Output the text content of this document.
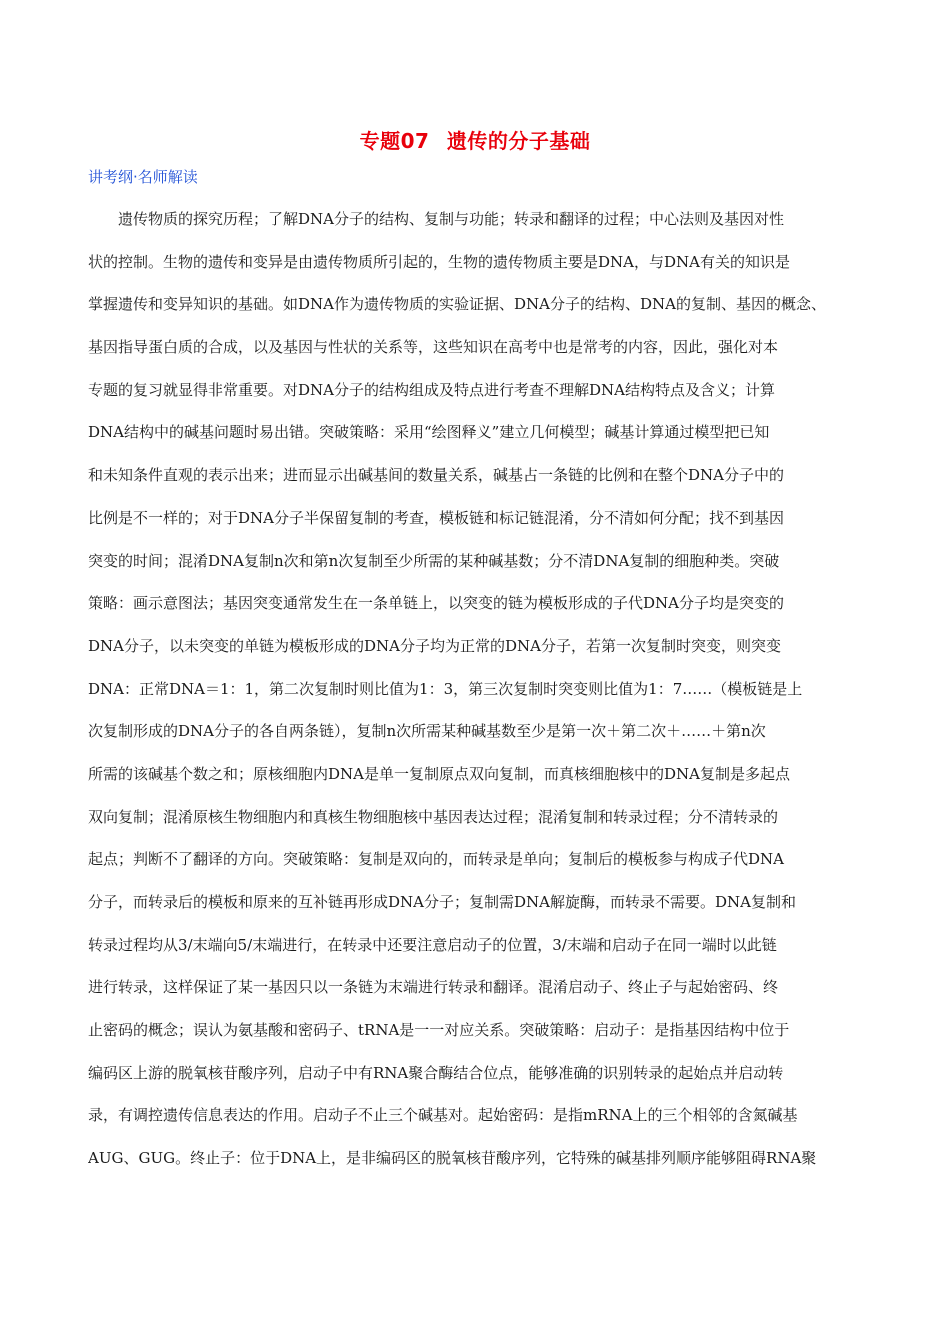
专题07 遗传的分子基础
讲考纲·名师解读
遗传物质的探究历程；了解DNA分子的结构、复制与功能；转录和翻译的过程；中心法则及基因对性
状的控制。生物的遗传和变异是由遗传物质所引起的，生物的遗传物质主要是DNA，与DNA有关的知识是
掌握遗传和变异知识的基础。如DNA作为遗传物质的实验证据、DNA分子的结构、DNA的复制、基因的概念、
基因指导蛋白质的合成，以及基因与性状的关系等，这些知识在高考中也是常考的内容，因此，强化对本
专题的复习就显得非常重要。对DNA分子的结构组成及特点进行考查不理解DNA结构特点及含义；计算
DNA结构中的碱基问题时易出错。突破策略：采用“绘图释义”建立几何模型；碱基计算通过模型把已知
和未知条件直观的表示出来；进而显示出碱基间的数量关系，碱基占一条链的比例和在整个DNA分子中的
比例是不一样的；对于DNA分子半保留复制的考查，模板链和标记链混淆，分不清如何分配；找不到基因
突变的时间；混淆DNA复制n次和第n次复制至少所需的某种碱基数；分不清DNA复制的细胞种类。突破
策略：画示意图法；基因突变通常发生在一条单链上，以突变的链为模板形成的子代DNA分子均是突变的
DNA分子，以未突变的单链为模板形成的DNA分子均为正常的DNA分子，若第一次复制时突变，则突变
DNA：正常DNA＝1：1，第二次复制时则比值为1：3，第三次复制时突变则比值为1：7……（模板链是上
次复制形成的DNA分子的各自两条链），复制n次所需某种碱基数至少是第一次＋第二次＋……＋第n次
所需的该碱基个数之和；原核细胞内DNA是单一复制原点双向复制，而真核细胞核中的DNA复制是多起点
双向复制；混淆原核生物细胞内和真核生物细胞核中基因表达过程；混淆复制和转录过程；分不清转录的
起点；判断不了翻译的方向。突破策略：复制是双向的，而转录是单向；复制后的模板参与构成子代DNA
分子，而转录后的模板和原来的互补链再形成DNA分子；复制需DNA解旋酶，而转录不需要。DNA复制和
转录过程均从3/末端向5/末端进行，在转录中还要注意启动子的位置，3/末端和启动子在同一端时以此链
进行转录，这样保证了某一基因只以一条链为末端进行转录和翻译。混淆启动子、终止子与起始密码、终
止密码的概念；误认为氨基酸和密码子、tRNA是一一对应关系。突破策略：启动子：是指基因结构中位于
编码区上游的脱氧核苷酸序列，启动子中有RNA聚合酶结合位点，能够准确的识别转录的起始点并启动转
录，有调控遗传信息表达的作用。启动子不止三个碱基对。起始密码：是指mRNA上的三个相邻的含氮碱基
AUG、GUG。终止子：位于DNA上，是非编码区的脱氧核苷酸序列，它特殊的碱基排列顺序能够阻碍RNA聚
